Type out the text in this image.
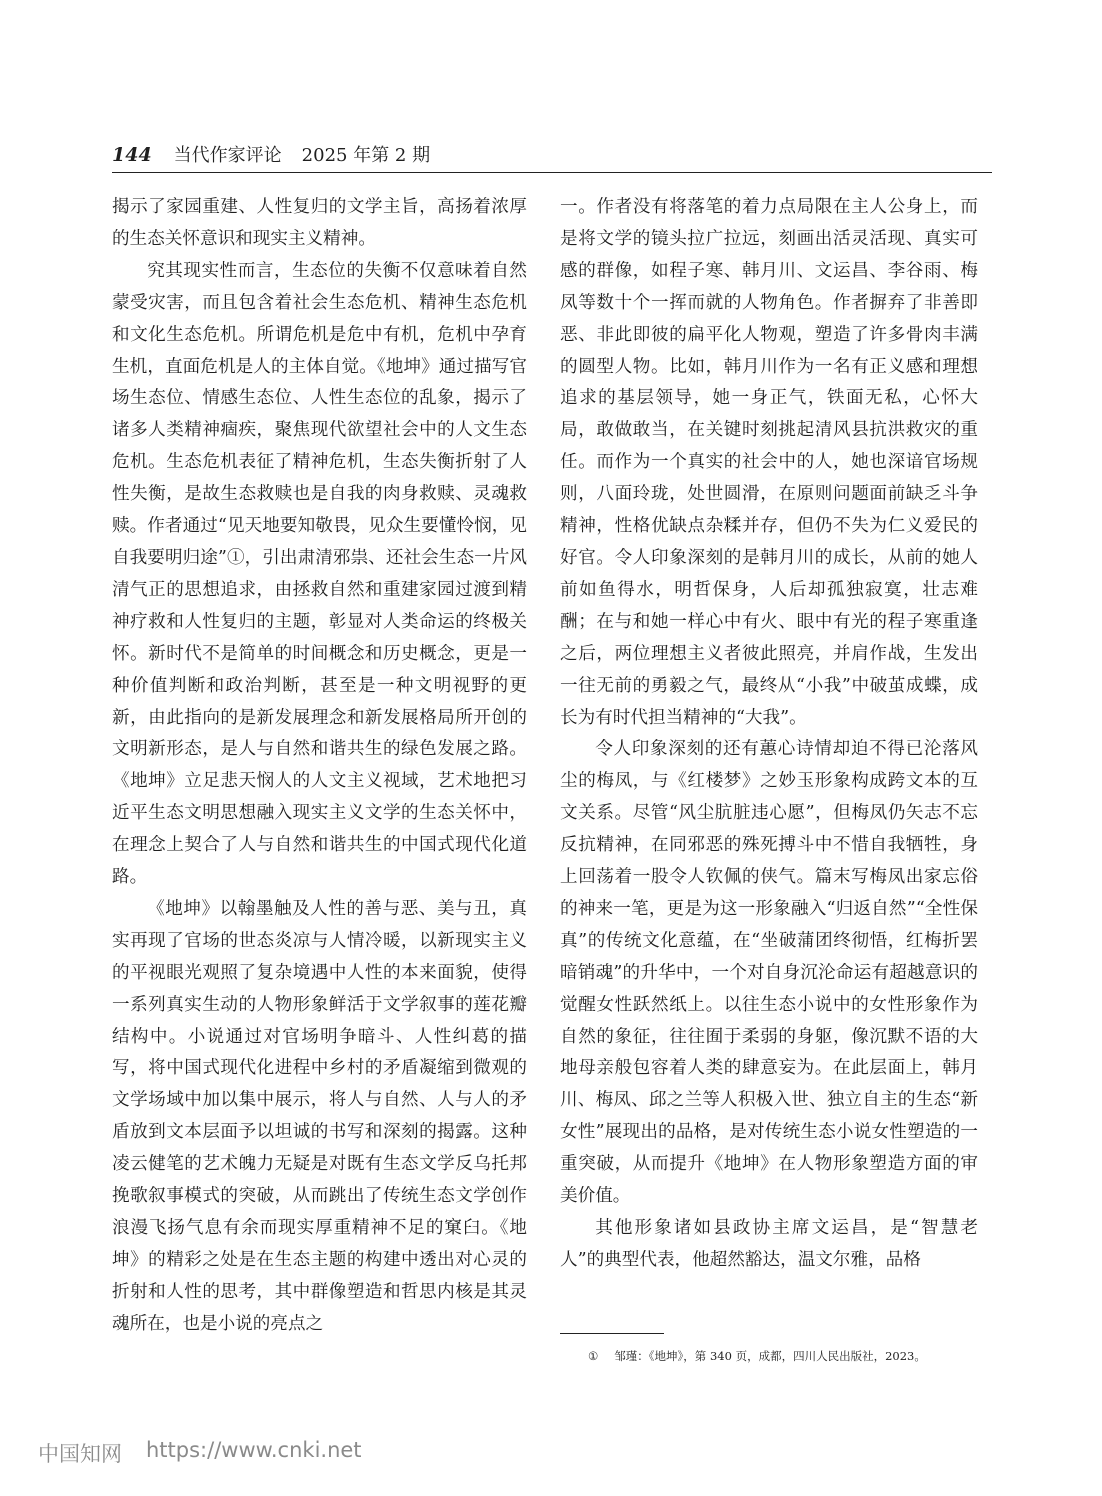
144 当代作家评论 2025 年第 2 期

揭示了家园重建、人性复归的文学主旨，高扬着浓厚的生态关怀意识和现实主义精神。

究其现实性而言，生态位的失衡不仅意味着自然蒙受灾害，而且包含着社会生态危机、精神生态危机和文化生态危机。所谓危机是危中有机，危机中孕育生机，直面危机是人的主体自觉。《地坤》通过描写官场生态位、情感生态位、人性生态位的乱象，揭示了诸多人类精神痼疾，聚焦现代欲望社会中的人文生态危机。生态危机表征了精神危机，生态失衡折射了人性失衡，是故生态救赎也是自我的肉身救赎、灵魂救赎。作者通过“见天地要知敬畏，见众生要懂怜悯，见自我要明归途”①，引出肃清邪祟、还社会生态一片风清气正的思想追求，由拯救自然和重建家园过渡到精神疗救和人性复归的主题，彰显对人类命运的终极关怀。新时代不是简单的时间概念和历史概念，更是一种价值判断和政治判断，甚至是一种文明视野的更新，由此指向的是新发展理念和新发展格局所开创的文明新形态，是人与自然和谐共生的绿色发展之路。《地坤》立足悲天悯人的人文主义视域，艺术地把习近平生态文明思想融入现实主义文学的生态关怀中，在理念上契合了人与自然和谐共生的中国式现代化道路。

《地坤》以翰墨触及人性的善与恶、美与丑，真实再现了官场的世态炎凉与人情冷暖，以新现实主义的平视眼光观照了复杂境遇中人性的本来面貌，使得一系列真实生动的人物形象鲜活于文学叙事的莲花瓣结构中。小说通过对官场明争暗斗、人性纠葛的描写，将中国式现代化进程中乡村的矛盾凝缩到微观的文学场域中加以集中展示，将人与自然、人与人的矛盾放到文本层面予以坦诚的书写和深刻的揭露。这种凌云健笔的艺术魄力无疑是对既有生态文学反乌托邦挽歌叙事模式的突破，从而跳出了传统生态文学创作浪漫飞扬气息有余而现实厚重精神不足的窠臼。《地坤》的精彩之处是在生态主题的构建中透出对心灵的折射和人性的思考，其中群像塑造和哲思内核是其灵魂所在，也是小说的亮点之

一。作者没有将落笔的着力点局限在主人公身上，而是将文学的镜头拉广拉远，刻画出活灵活现、真实可感的群像，如程子寒、韩月川、文运昌、李谷雨、梅凤等数十个一挥而就的人物角色。作者摒弃了非善即恶、非此即彼的扁平化人物观，塑造了许多骨肉丰满的圆型人物。比如，韩月川作为一名有正义感和理想追求的基层领导，她一身正气，铁面无私，心怀大局，敢做敢当，在关键时刻挑起清风县抗洪救灾的重任。而作为一个真实的社会中的人，她也深谙官场规则，八面玲珑，处世圆滑，在原则问题面前缺乏斗争精神，性格优缺点杂糅并存，但仍不失为仁义爱民的好官。令人印象深刻的是韩月川的成长，从前的她人前如鱼得水，明哲保身，人后却孤独寂寞，壮志难酬；在与和她一样心中有火、眼中有光的程子寒重逢之后，两位理想主义者彼此照亮，并肩作战，生发出一往无前的勇毅之气，最终从“小我”中破茧成蝶，成长为有时代担当精神的“大我”。

令人印象深刻的还有蕙心诗情却迫不得已沦落风尘的梅凤，与《红楼梦》之妙玉形象构成跨文本的互文关系。尽管“风尘肮脏违心愿”，但梅凤仍矢志不忘反抗精神，在同邪恶的殊死搏斗中不惜自我牺牲，身上回荡着一股令人钦佩的侠气。篇末写梅凤出家忘俗的神来一笔，更是为这一形象融入“归返自然”“全性保真”的传统文化意蕴，在“坐破蒲团终彻悟，红梅折罢暗销魂”的升华中，一个对自身沉沦命运有超越意识的觉醒女性跃然纸上。以往生态小说中的女性形象作为自然的象征，往往囿于柔弱的身躯，像沉默不语的大地母亲般包容着人类的肆意妄为。在此层面上，韩月川、梅凤、邱之兰等人积极入世、独立自主的生态“新女性”展现出的品格，是对传统生态小说女性塑造的一重突破，从而提升《地坤》在人物形象塑造方面的审美价值。

其他形象诸如县政协主席文运昌，是“智慧老人”的典型代表，他超然豁达，温文尔雅，品格

① 邹瑾：《地坤》，第 340 页，成都，四川人民出版社，2023。
中国知网 https://www.cnki.net
